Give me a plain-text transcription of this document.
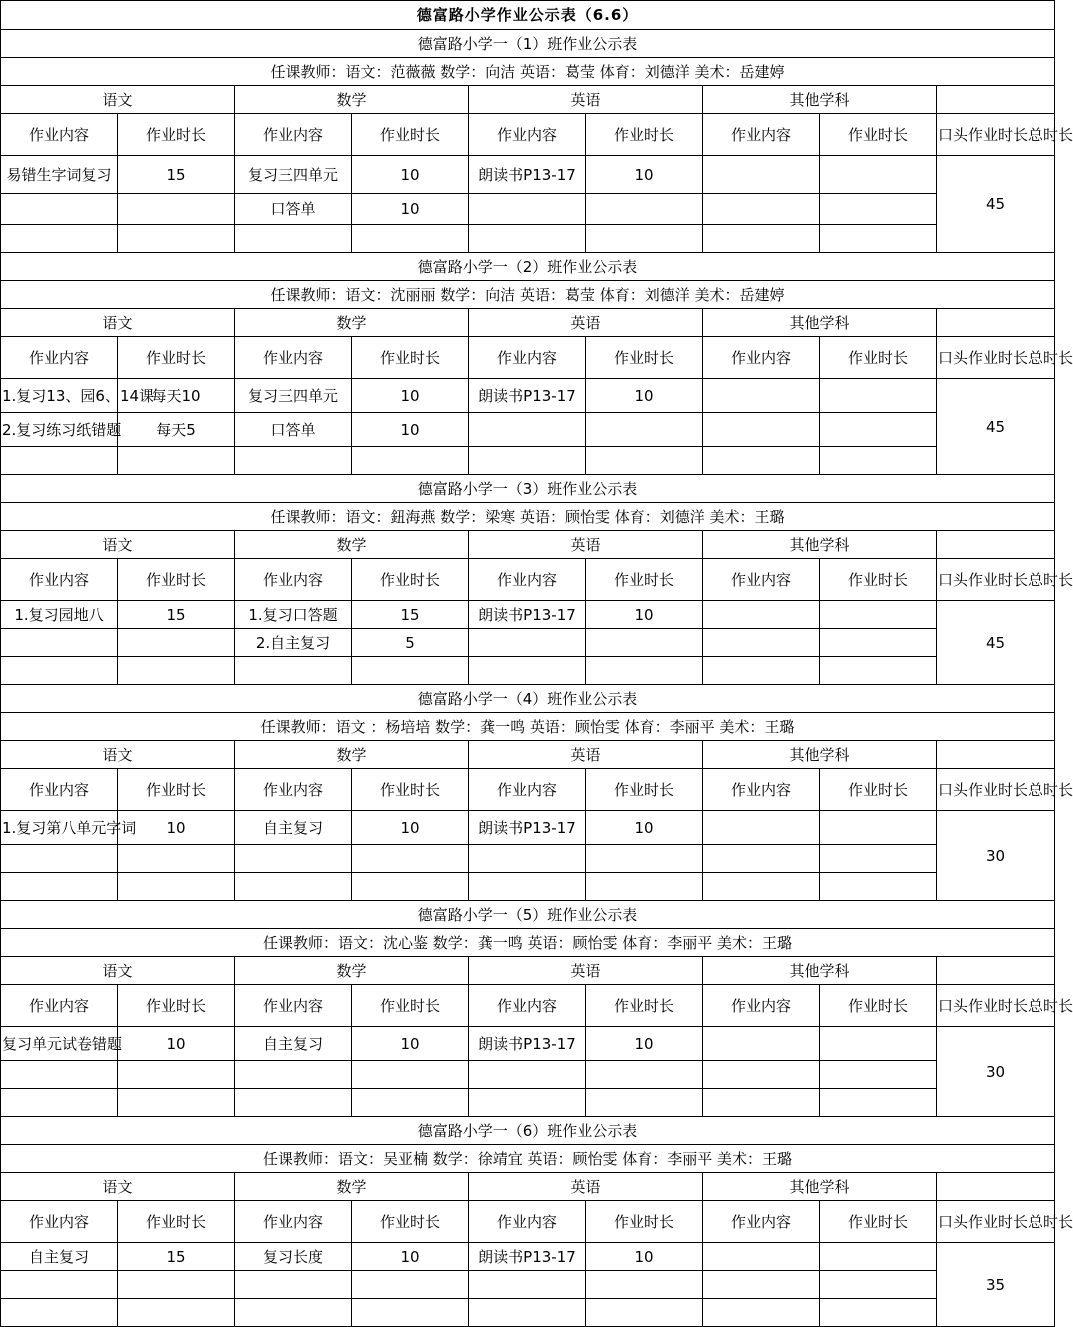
德富路小学作业公示表（6.6）								
德富路小学一（1）班作业公示表								
任课教师：语文：范薇薇 数学：向洁 英语：葛莹 体育：刘德洋 美术：岳建婷								
语文		数学		英语		其他学科		
作业内容	作业时长	作业内容	作业时长	作业内容	作业时长	作业内容	作业时长	口头作业时长总时长
易错生字词复习	15	复习三四单元	10	朗读书P13-17	10			45
		口答单	10					

德富路小学一（2）班作业公示表								
任课教师：语文：沈丽丽 数学：向洁 英语：葛莹 体育：刘德洋 美术：岳建婷								
语文		数学		英语		其他学科		
作业内容	作业时长	作业内容	作业时长	作业内容	作业时长	作业内容	作业时长	口头作业时长总时长
1.复习13、园6、14课	每天10	复习三四单元	10	朗读书P13-17	10			45
2.复习练习纸错题	每天5	口答单	10					

德富路小学一（3）班作业公示表								
任课教师：语文：鈕海燕 数学：梁寒 英语：顾怡雯 体育：刘德洋 美术：王璐								
语文		数学		英语		其他学科		
作业内容	作业时长	作业内容	作业时长	作业内容	作业时长	作业内容	作业时长	口头作业时长总时长
1.复习园地八	15	1.复习口答题	15	朗读书P13-17	10			45
		2.自主复习	5					

德富路小学一（4）班作业公示表								
任课教师：语文 ：杨培培 数学：龚一鸣 英语：顾怡雯 体育：李丽平 美术：王璐								
语文		数学		英语		其他学科		
作业内容	作业时长	作业内容	作业时长	作业内容	作业时长	作业内容	作业时长	口头作业时长总时长
1.复习第八单元字词	10	自主复习	10	朗读书P13-17	10			30

德富路小学一（5）班作业公示表								
任课教师：语文：沈心鉴 数学：龚一鸣 英语：顾怡雯 体育：李丽平 美术：王璐								
语文		数学		英语		其他学科		
作业内容	作业时长	作业内容	作业时长	作业内容	作业时长	作业内容	作业时长	口头作业时长总时长
复习单元试卷错题	10	自主复习	10	朗读书P13-17	10			30

德富路小学一（6）班作业公示表								
任课教师：语文：吴亚楠 数学：徐靖宜 英语：顾怡雯 体育：李丽平 美术：王璐								
语文		数学		英语		其他学科		
作业内容	作业时长	作业内容	作业时长	作业内容	作业时长	作业内容	作业时长	口头作业时长总时长
自主复习	15	复习长度	10	朗读书P13-17	10			35
